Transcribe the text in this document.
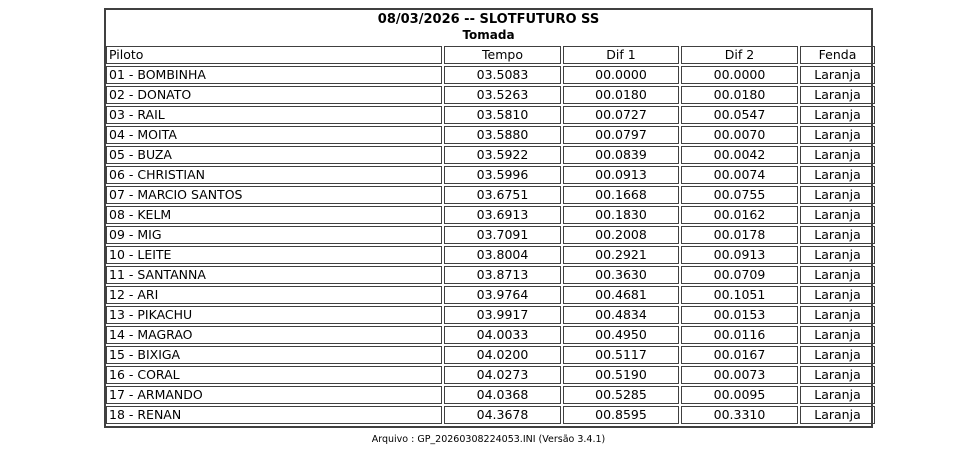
08/03/2026 -- SLOTFUTURO SS
Tomada
Piloto	Tempo	Dif 1	Dif 2	Fenda
01 - BOMBINHA	03.5083	00.0000	00.0000	Laranja
02 - DONATO	03.5263	00.0180	00.0180	Laranja
03 - RAIL	03.5810	00.0727	00.0547	Laranja
04 - MOITA	03.5880	00.0797	00.0070	Laranja
05 - BUZA	03.5922	00.0839	00.0042	Laranja
06 - CHRISTIAN	03.5996	00.0913	00.0074	Laranja
07 - MARCIO SANTOS	03.6751	00.1668	00.0755	Laranja
08 - KELM	03.6913	00.1830	00.0162	Laranja
09 - MIG	03.7091	00.2008	00.0178	Laranja
10 - LEITE	03.8004	00.2921	00.0913	Laranja
11 - SANTANNA	03.8713	00.3630	00.0709	Laranja
12 - ARI	03.9764	00.4681	00.1051	Laranja
13 - PIKACHU	03.9917	00.4834	00.0153	Laranja
14 - MAGRAO	04.0033	00.4950	00.0116	Laranja
15 - BIXIGA	04.0200	00.5117	00.0167	Laranja
16 - CORAL	04.0273	00.5190	00.0073	Laranja
17 - ARMANDO	04.0368	00.5285	00.0095	Laranja
18 - RENAN	04.3678	00.8595	00.3310	Laranja
Arquivo : GP_20260308224053.INI (Versão 3.4.1)
